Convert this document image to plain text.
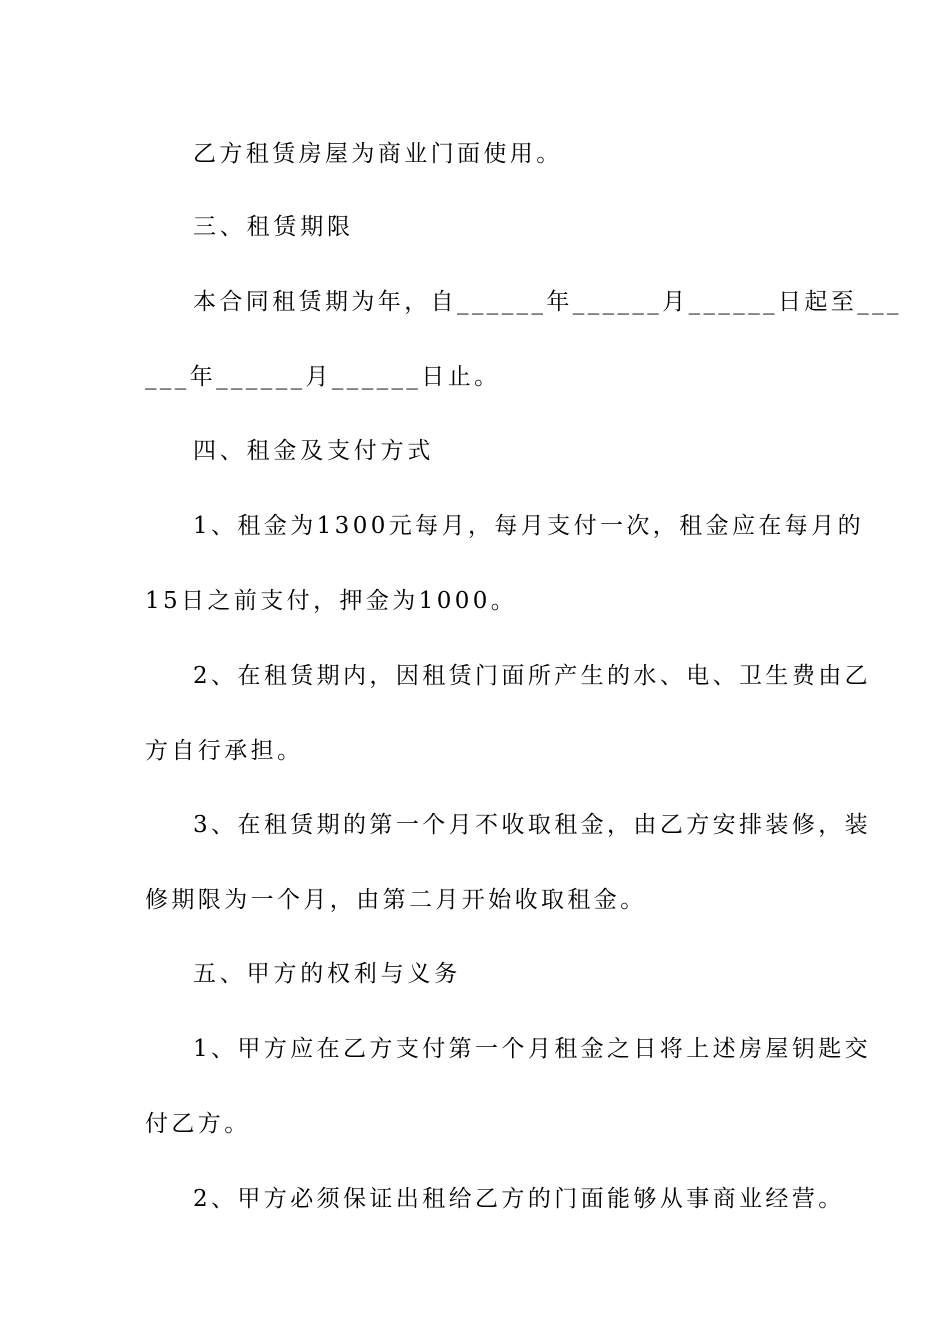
乙方租赁房屋为商业门面使用。
三、租赁期限
本合同租赁期为年，自______年______月______日起至___
___年______月______日止。
四、租金及支付方式
1、租金为1300元每月，每月支付一次，租金应在每月的
15日之前支付，押金为1000。
2、在租赁期内，因租赁门面所产生的水、电、卫生费由乙
方自行承担。
3、在租赁期的第一个月不收取租金，由乙方安排装修，装
修期限为一个月，由第二月开始收取租金。
五、甲方的权利与义务
1、甲方应在乙方支付第一个月租金之日将上述房屋钥匙交
付乙方。
2、甲方必须保证出租给乙方的门面能够从事商业经营。
